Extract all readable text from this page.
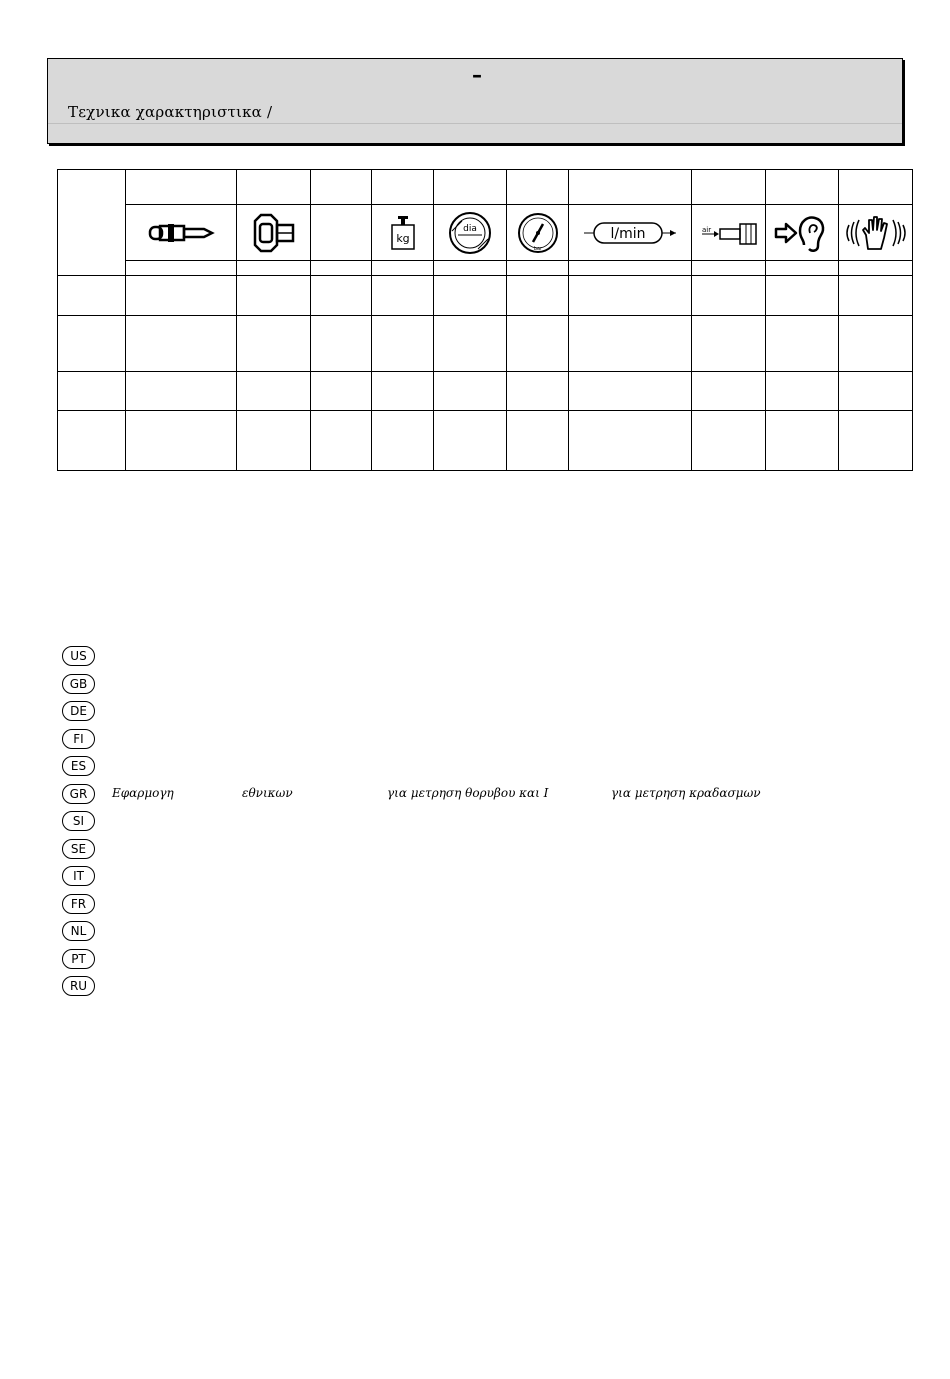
–
Τεχνικα χαρακτηριστικα /

kg	dia	bar	l/min	air

US
GB
DE
FI
ES
GR	Εφαρμογη	εθνικων	για μετρηση θορυβου και Ι	για μετρηση κραδασμων
SI
SE
IT
FR
NL
PT
RU
